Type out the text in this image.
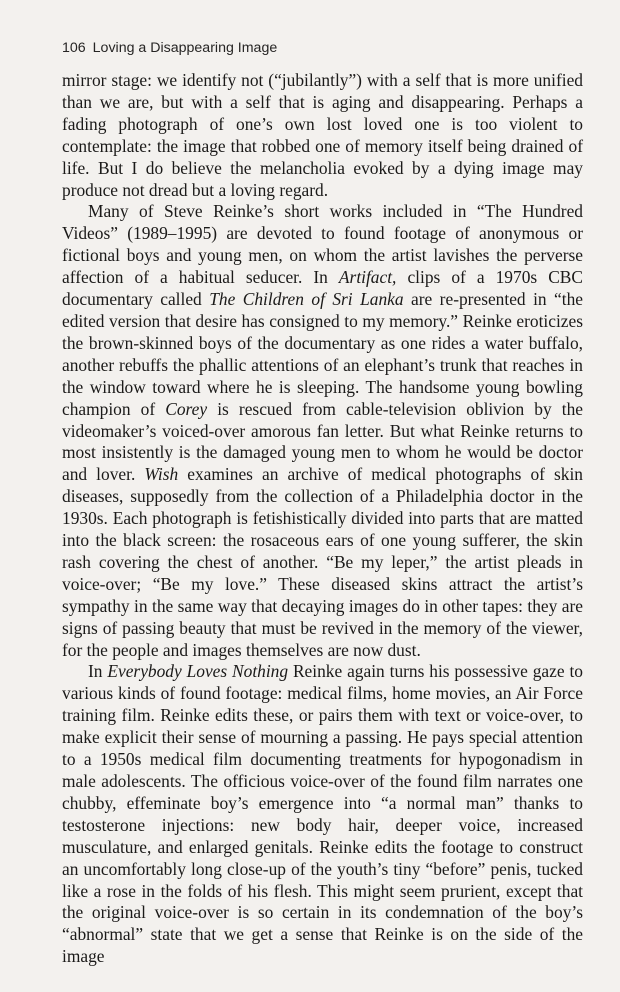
106 Loving a Disappearing Image

mirror stage: we identify not (“jubilantly”) with a self that is more unified than we are, but with a self that is aging and disappearing. Perhaps a fading photograph of one’s own lost loved one is too violent to contemplate: the image that robbed one of memory itself being drained of life. But I do believe the melancholia evoked by a dying image may produce not dread but a loving regard.

Many of Steve Reinke’s short works included in “The Hundred Videos” (1989–1995) are devoted to found footage of anonymous or fictional boys and young men, on whom the artist lavishes the perverse affection of a habitual seducer. In Artifact, clips of a 1970s CBC documentary called The Children of Sri Lanka are re-presented in “the edited version that desire has consigned to my memory.” Reinke eroticizes the brown-skinned boys of the documentary as one rides a water buffalo, another rebuffs the phallic attentions of an elephant’s trunk that reaches in the window toward where he is sleeping. The handsome young bowling champion of Corey is rescued from cable-television oblivion by the videomaker’s voiced-over amorous fan letter. But what Reinke returns to most insistently is the damaged young men to whom he would be doctor and lover. Wish examines an archive of medical photographs of skin diseases, supposedly from the collection of a Philadelphia doctor in the 1930s. Each photograph is fetishistically divided into parts that are matted into the black screen: the rosaceous ears of one young sufferer, the skin rash covering the chest of another. “Be my leper,” the artist pleads in voice-over; “Be my love.” These diseased skins attract the artist’s sympathy in the same way that decaying images do in other tapes: they are signs of passing beauty that must be revived in the memory of the viewer, for the people and images themselves are now dust.

In Everybody Loves Nothing Reinke again turns his possessive gaze to various kinds of found footage: medical films, home movies, an Air Force training film. Reinke edits these, or pairs them with text or voice-over, to make explicit their sense of mourning a passing. He pays special attention to a 1950s medical film documenting treatments for hypogonadism in male adolescents. The officious voice-over of the found film narrates one chubby, effeminate boy’s emergence into “a normal man” thanks to testosterone injections: new body hair, deeper voice, increased musculature, and enlarged genitals. Reinke edits the footage to construct an uncomfortably long close-up of the youth’s tiny “before” penis, tucked like a rose in the folds of his flesh. This might seem prurient, except that the original voice-over is so certain in its condemnation of the boy’s “abnormal” state that we get a sense that Reinke is on the side of the image
